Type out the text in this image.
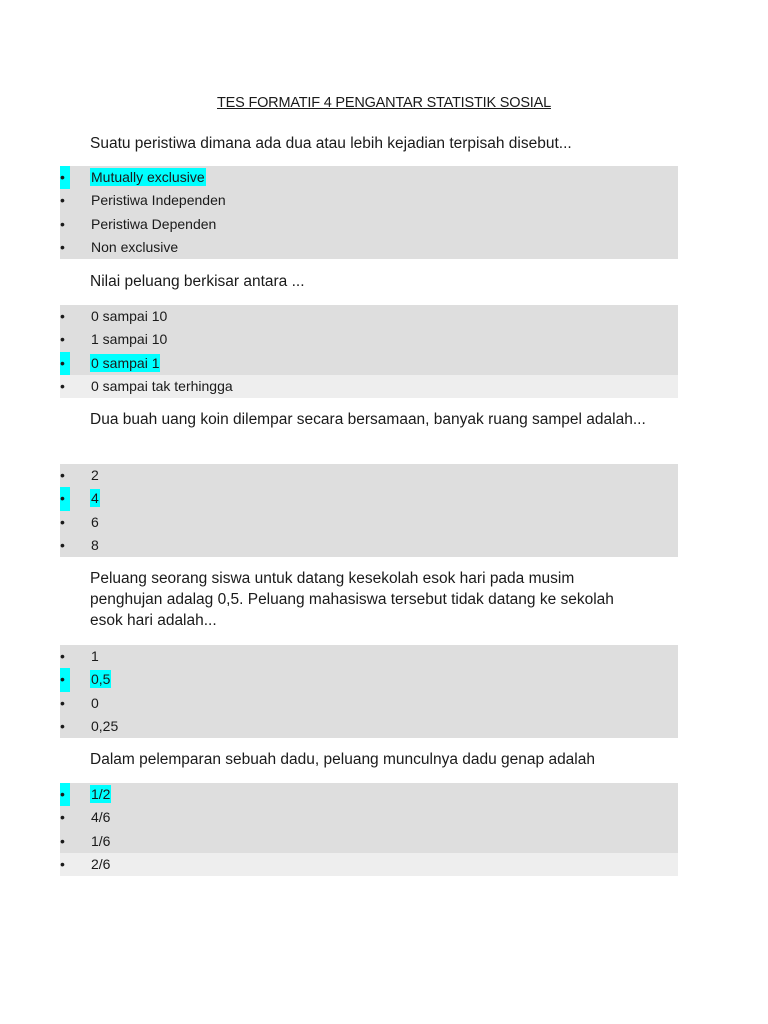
TES FORMATIF 4 PENGANTAR STATISTIK SOSIAL

Suatu peristiwa dimana ada dua atau lebih kejadian terpisah disebut...

•	Mutually exclusive
•	Peristiwa Independen
•	Peristiwa Dependen
•	Non exclusive

Nilai peluang berkisar antara ...

•	0 sampai 10
•	1 sampai 10
•	0 sampai 1
•	0 sampai tak terhingga

Dua buah uang koin dilempar secara bersamaan, banyak ruang sampel adalah...

•	2
•	4
•	6
•	8

Peluang seorang siswa untuk datang kesekolah esok hari pada musim penghujan adalag 0,5. Peluang mahasiswa tersebut tidak datang ke sekolah esok hari adalah...

•	1
•	0,5
•	0
•	0,25

Dalam pelemparan sebuah dadu, peluang munculnya dadu genap adalah

•	1/2
•	4/6
•	1/6
•	2/6
